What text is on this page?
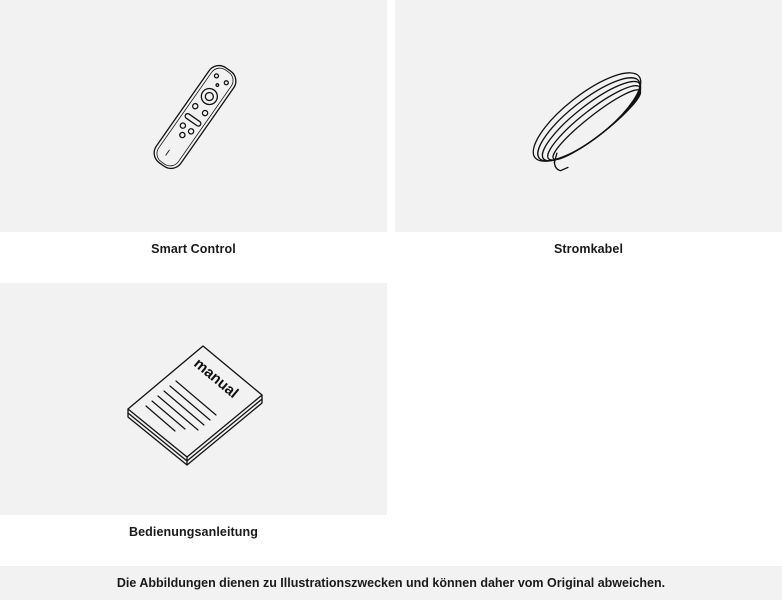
Smart Control	Stromkabel
manual
Bedienungsanleitung
Die Abbildungen dienen zu Illustrationszwecken und können daher vom Original abweichen.
